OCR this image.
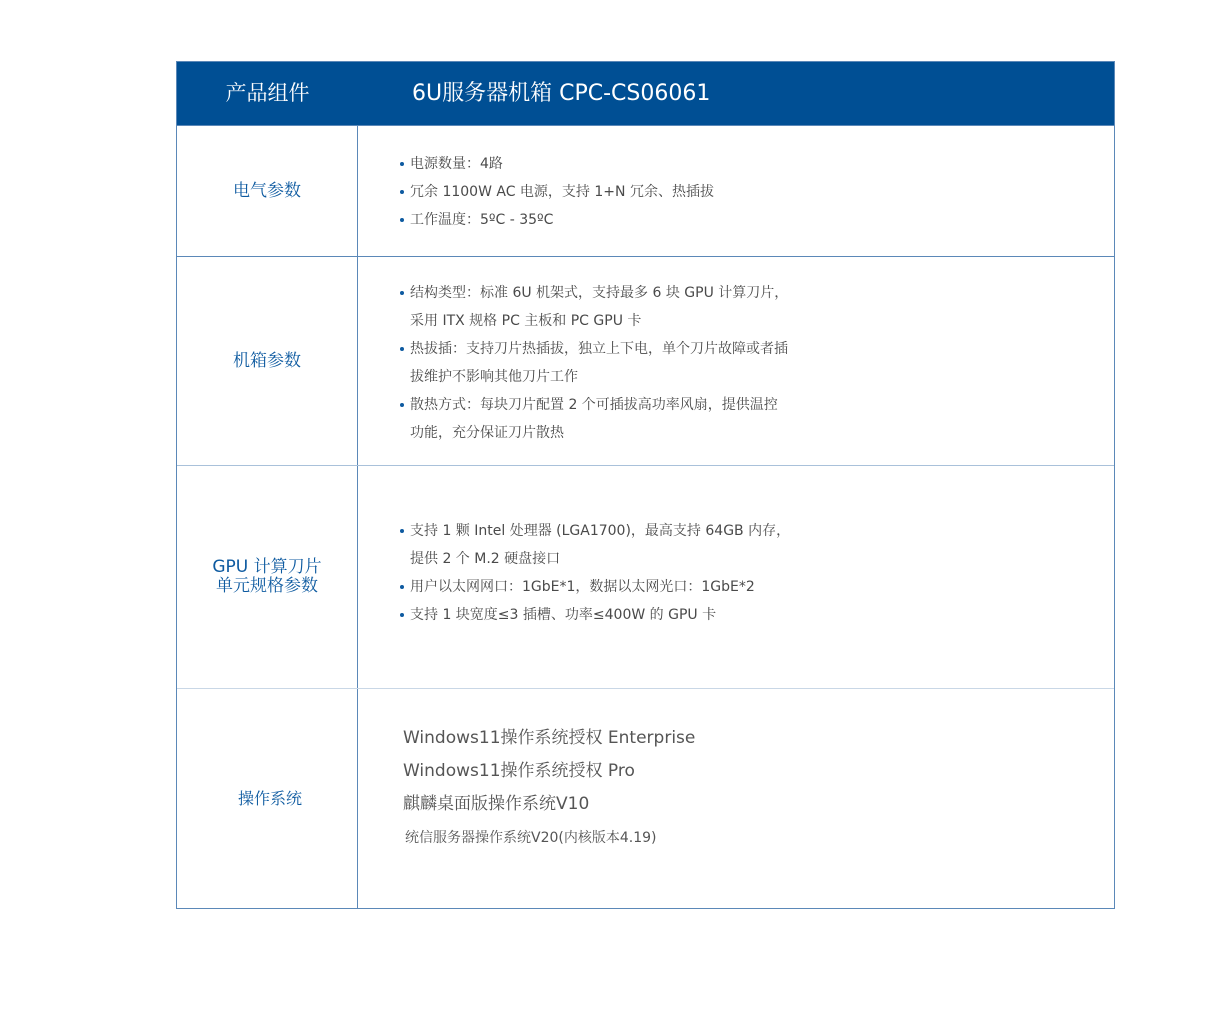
产品组件	6U服务器机箱 CPC-CS06061
电气参数
电源数量：4路
冗余 1100W AC 电源，支持 1+N 冗余、热插拔
工作温度：5ºC - 35ºC
机箱参数
结构类型：标准 6U 机架式，支持最多 6 块 GPU 计算刀片，
采用 ITX 规格 PC 主板和 PC GPU 卡
热拔插：支持刀片热插拔，独立上下电，单个刀片故障或者插
拔维护不影响其他刀片工作
散热方式：每块刀片配置 2 个可插拔高功率风扇，提供温控
功能，充分保证刀片散热
GPU 计算刀片
单元规格参数
支持 1 颗 Intel 处理器 (LGA1700)，最高支持 64GB 内存，
提供 2 个 M.2 硬盘接口
用户以太网网口：1GbE*1，数据以太网光口：1GbE*2
支持 1 块宽度≤3 插槽、功率≤400W 的 GPU 卡
操作系统
Windows11操作系统授权 Enterprise
Windows11操作系统授权 Pro
麒麟桌面版操作系统V10
统信服务器操作系统V20(内核版本4.19)
